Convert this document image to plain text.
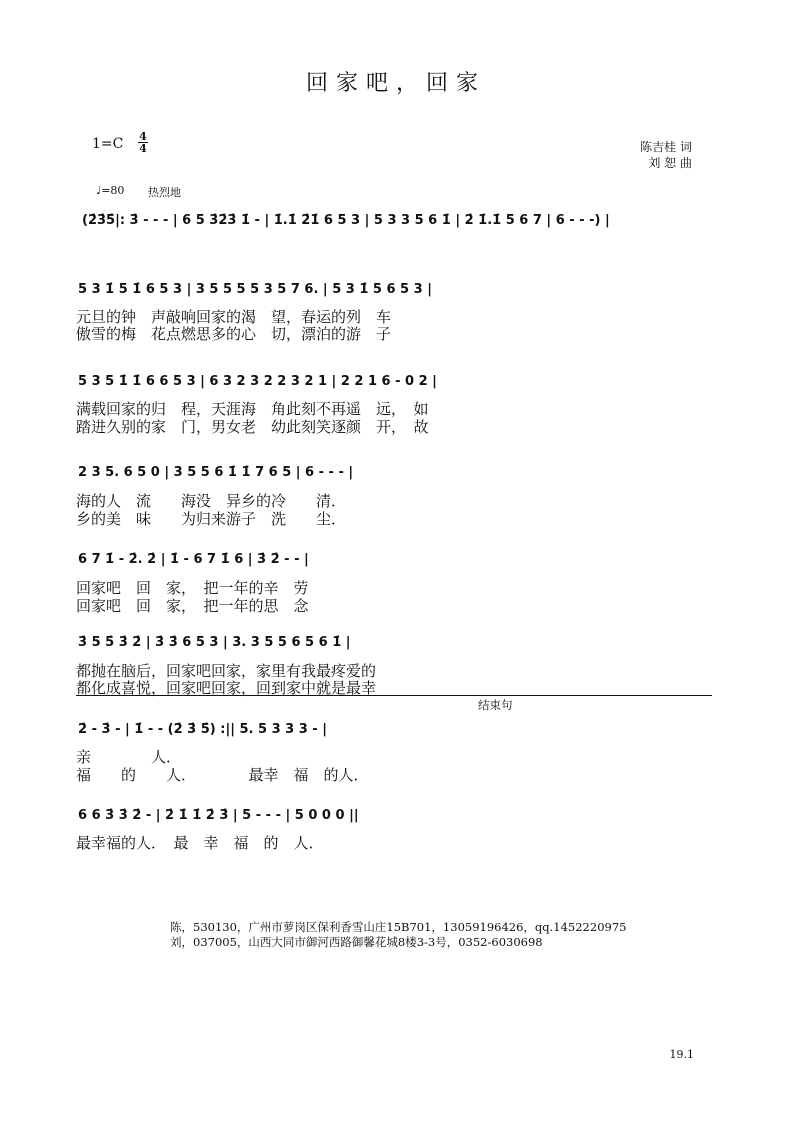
回家吧，回家
$1=C \frac{4}{4}$	陈吉桂 词
刘 恕 曲
♩=80 热烈地
(2̇3̇5̇|: 3̇ - - - | 6 5 3̇2̇3̇ 1̇ - | 1̇.1̇ 2̇1̇ 6 5 3 | 5 3 3 5 6 1̇ | 2̇ 1̇.1̇ 5 6 7 | 6 - - -) |
5 3 1̇ 5 1̇ 6 5 3 | 3 5 5 5 5 3 5 7 6. | 5 3 1̇ 5 6 5 3 |
元旦的钟　声敲响回家的渴　望，春运的列　车
傲雪的梅　花点燃思多的心　切，漂泊的游　子
5 3 5 1̇ 1̇ 6 6 5 3 | 6 3 2 3 2 2 3 2 1 | 2 2 1 6 - 0 2 |
满载回家的归　程，天涯海　角此刻不再遥　远，　如
踏进久别的家　门，男女老　幼此刻笑逐颜　开，　故
2 3 5. 6 5 0 | 3 5 5 6 1̇ 1̇ 7 6 5 | 6 - - - |
海的人　流　　海没　异乡的冷　　清．
乡的美　味　　为归来游子　洗　　尘．
6 7 1̇ - 2̇. 2̇ | 1̇ - 6 7 1̇ 6 | 3̇ 2̇ - - |
回家吧　回　家，　把一年的辛　劳
回家吧　回　家，　把一年的思　念
3̇ 5 5̇ 3̇ 2̇ | 3̇ 3̇ 6 5 3 | 3. 3 5 5 6 5 6 1̇ |
都抛在脑后，回家吧回家，家里有我最疼爱的
都化成喜悦，回家吧回家，回到家中就是最幸
结束句
2̇ - 3̇ - | 1̇ - - (2̇ 3̇ 5̇) :|| 5. 5 3 3 3 - |
亲　　　　人．
福　　的　　人．　　　　最幸　福　的人．
6 6 3̇ 3̇ 2̇ - | 2̇ 1̇ 1̇ 2̇ 3̇ | 5 - - - | 5 0 0 0 ||
最幸福的人．　最　幸　福　的　人．
陈，530130，广州市萝岗区保利香雪山庄15B701，13059196426，qq.1452220975
刘，037005，山西大同市御河西路御馨花城8楼3-3号，0352-6030698
19.1
